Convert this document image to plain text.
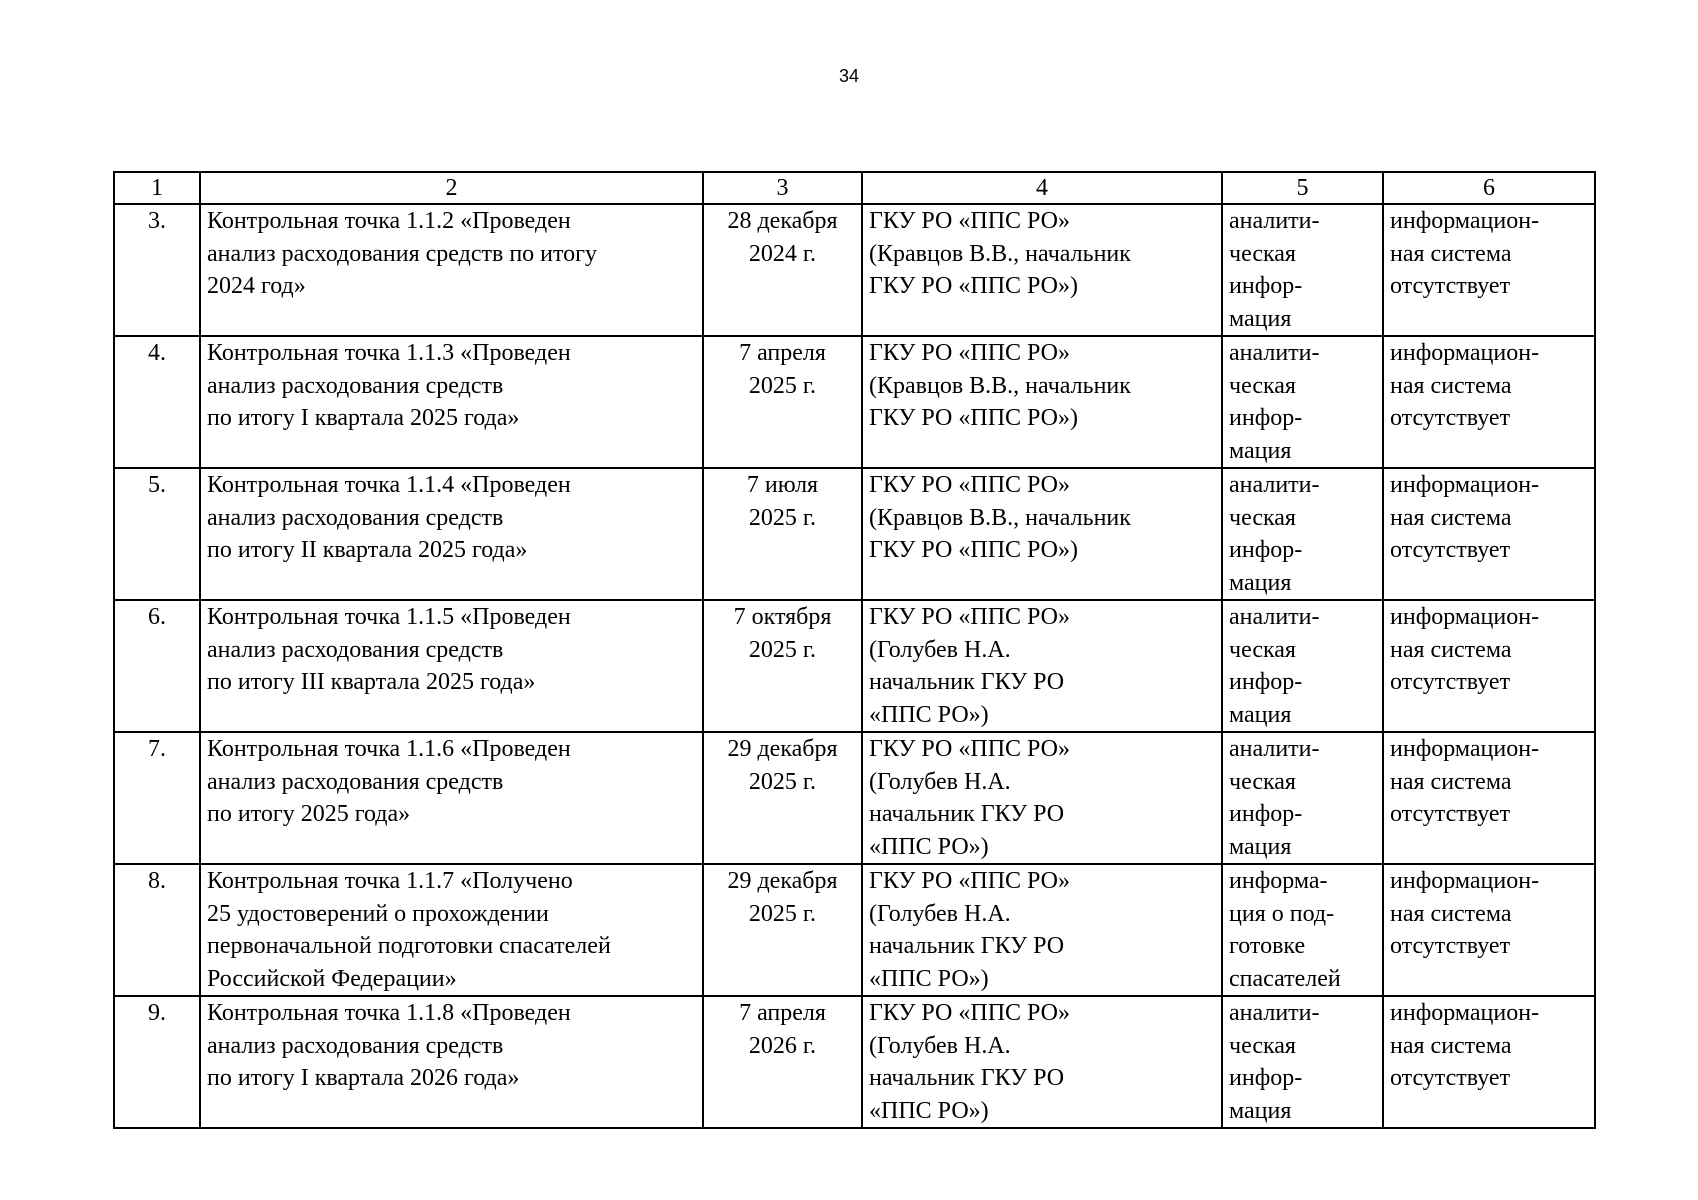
34
1	2	3	4	5	6
3.	Контрольная точка 1.1.2 «Проведен
анализ расходования средств по итогу
2024 год»	28 декабря
2024 г.	ГКУ РО «ППС РО»
(Кравцов В.В., начальник
ГКУ РО «ППС РО»)	аналити-
ческая
инфор-
мация	информацион-
ная система
отсутствует

4.	Контрольная точка 1.1.3 «Проведен
анализ расходования средств
по итогу I квартала 2025 года»	7 апреля
2025 г.	ГКУ РО «ППС РО»
(Кравцов В.В., начальник
ГКУ РО «ППС РО»)	аналити-
ческая
инфор-
мация	информацион-
ная система
отсутствует

5.	Контрольная точка 1.1.4 «Проведен
анализ расходования средств
по итогу II квартала 2025 года»	7 июля
2025 г.	ГКУ РО «ППС РО»
(Кравцов В.В., начальник
ГКУ РО «ППС РО»)	аналити-
ческая
инфор-
мация	информацион-
ная система
отсутствует

6.	Контрольная точка 1.1.5 «Проведен
анализ расходования средств
по итогу III квартала 2025 года»	7 октября
2025 г.	ГКУ РО «ППС РО»
(Голубев Н.А.
начальник ГКУ РО
«ППС РО»)	аналити-
ческая
инфор-
мация	информацион-
ная система
отсутствует

7.	Контрольная точка 1.1.6 «Проведен
анализ расходования средств
по итогу 2025 года»	29 декабря
2025 г.	ГКУ РО «ППС РО»
(Голубев Н.А.
начальник ГКУ РО
«ППС РО»)	аналити-
ческая
инфор-
мация	информацион-
ная система
отсутствует

8.	Контрольная точка 1.1.7 «Получено
25 удостоверений о прохождении
первоначальной подготовки спасателей
Российской Федерации»	29 декабря
2025 г.	ГКУ РО «ППС РО»
(Голубев Н.А.
начальник ГКУ РО
«ППС РО»)	информа-
ция о под-
готовке
спасателей	информацион-
ная система
отсутствует

9.	Контрольная точка 1.1.8 «Проведен
анализ расходования средств
по итогу I квартала 2026 года»	7 апреля
2026 г.	ГКУ РО «ППС РО»
(Голубев Н.А.
начальник ГКУ РО
«ППС РО»)	аналити-
ческая
инфор-
мация	информацион-
ная система
отсутствует
